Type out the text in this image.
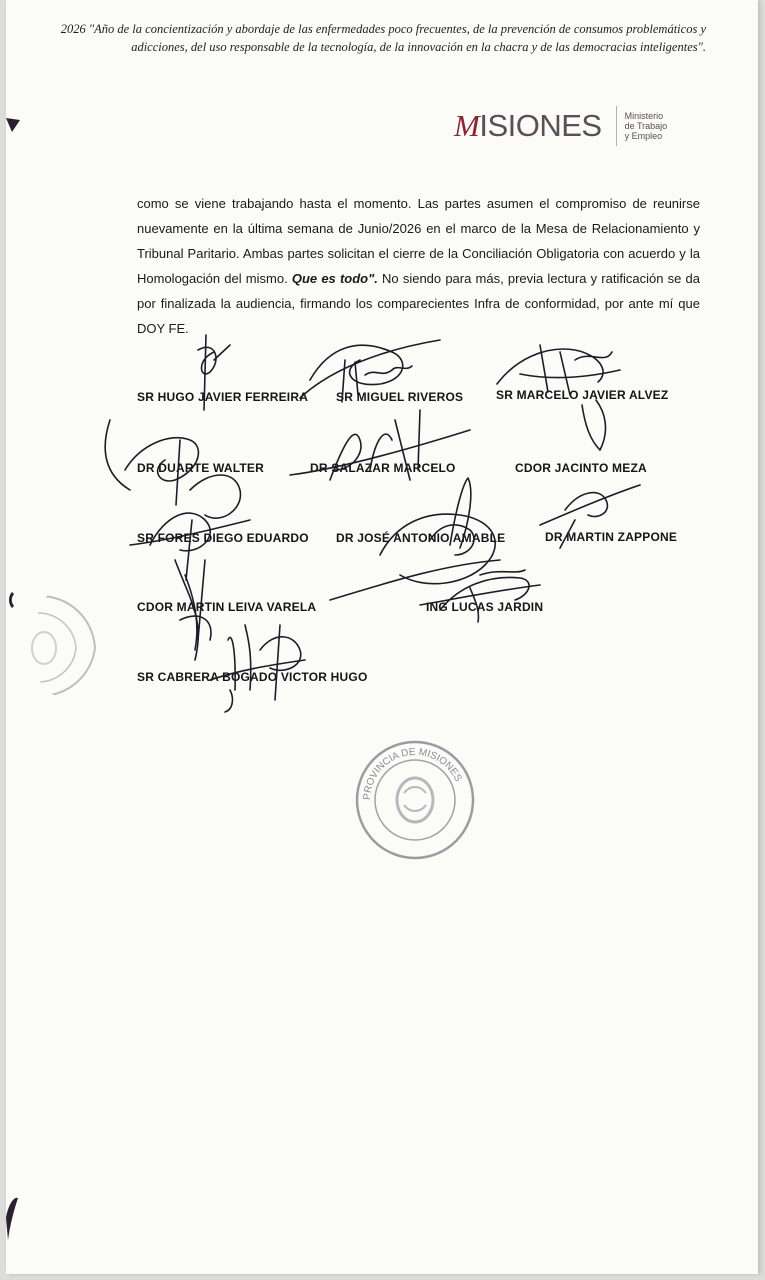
2026 "Año de la concientización y abordaje de las enfermedades poco frecuentes, de la prevención de consumos problemáticos y adicciones, del uso responsable de la tecnología, de la innovación en la chacra y de las democracias inteligentes".
MISIONES	Ministerio
de Trabajo
y Empleo
como se viene trabajando hasta el momento. Las partes asumen el compromiso de reunirse nuevamente en la última semana de Junio/2026 en el marco de la Mesa de Relacionamiento y Tribunal Paritario. Ambas partes solicitan el cierre de la Conciliación Obligatoria con acuerdo y la Homologación del mismo. Que es todo". No siendo para más, previa lectura y ratificación se da por finalizada la audiencia, firmando los comparecientes Infra de conformidad, por ante mí que DOY FE.
SR HUGO JAVIER FERREIRA SR MIGUEL RIVEROS	SR MARCELO JAVIER ALVEZ
DR DUARTE WALTER	DR SALAZAR MARCELO	CDOR JACINTO MEZA
SR FORES DIEGO EDUARDO DR JOSÉ ANTONIO AMABLE	DR MARTIN ZAPPONE
CDOR MARTIN LEIVA VARELA	ING LUCAS JARDIN
SR CABRERA BOGADO VICTOR HUGO
PROVINCIA DE MISIONES
